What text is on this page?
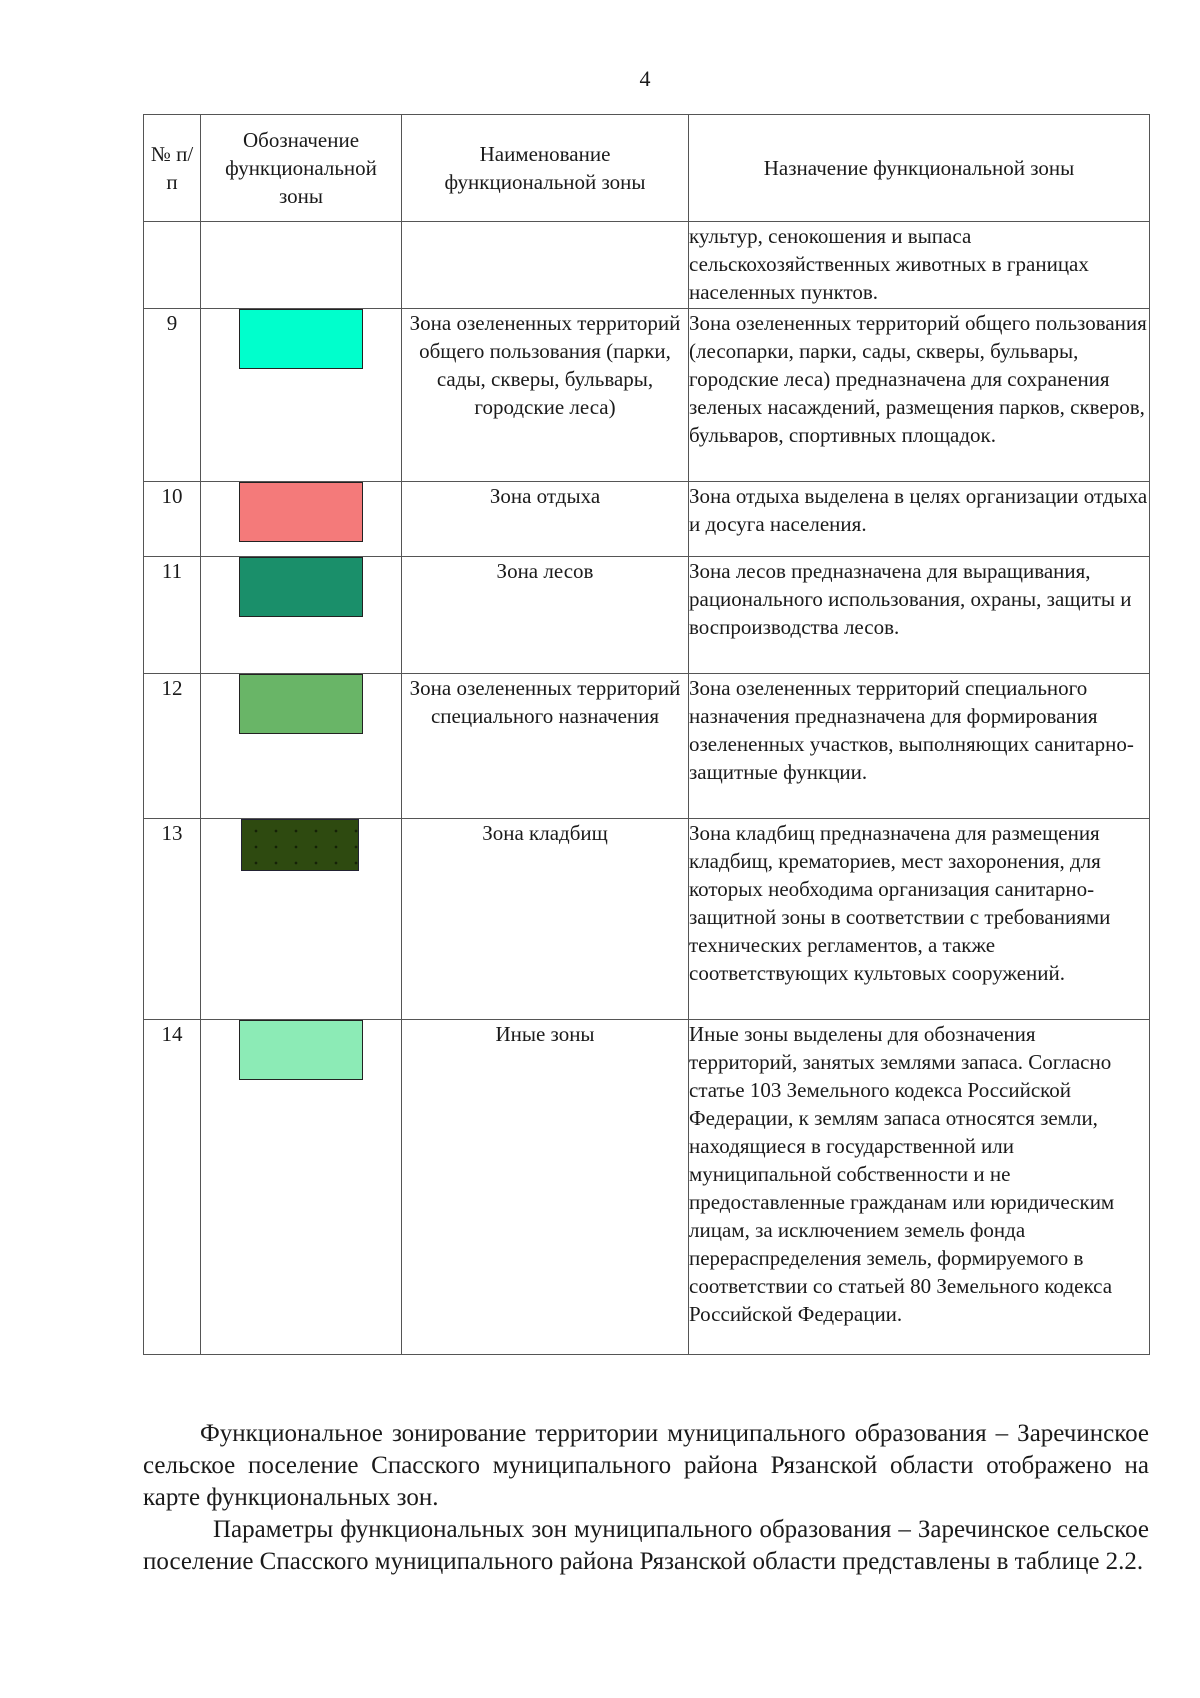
4
№ п/п	Обозначение функциональной зоны	Наименование функциональной зоны	Назначение функциональной зоны
			культур, сенокошения и выпаса сельскохозяйственных животных в границах населенных пунктов.
9		Зона озелененных территорий общего пользования (парки, сады, скверы, бульвары, городские леса)	Зона озелененных территорий общего пользования (лесопарки, парки, сады, скверы, бульвары, городские леса) предназначена для сохранения зеленых насаждений, размещения парков, скверов, бульваров, спортивных площадок.
10		Зона отдыха	Зона отдыха выделена в целях организации отдыха и досуга населения.
11		Зона лесов	Зона лесов предназначена для выращивания, рационального использования, охраны, защиты и воспроизводства лесов.
12		Зона озелененных территорий специального назначения	Зона озелененных территорий специального назначения предназначена для формирования озелененных участков, выполняющих санитарно-защитные функции.
13		Зона кладбищ	Зона кладбищ предназначена для размещения кладбищ, крематориев, мест захоронения, для которых необходима организация санитарно-защитной зоны в соответствии с требованиями технических регламентов, а также соответствующих культовых сооружений.
14		Иные зоны	Иные зоны выделены для обозначения территорий, занятых землями запаса. Согласно статье 103 Земельного кодекса Российской Федерации, к землям запаса относятся земли, находящиеся в государственной или муниципальной собственности и не предоставленные гражданам или юридическим лицам, за исключением земель фонда перераспределения земель, формируемого в соответствии со статьей 80 Земельного кодекса Российской Федерации.

Функциональное зонирование территории муниципального образования – Заречинское сельское поселение Спасского муниципального района Рязанской области отображено на карте функциональных зон.

Параметры функциональных зон муниципального образования – Заречинское сельское поселение Спасского муниципального района Рязанской области представлены в таблице 2.2.
